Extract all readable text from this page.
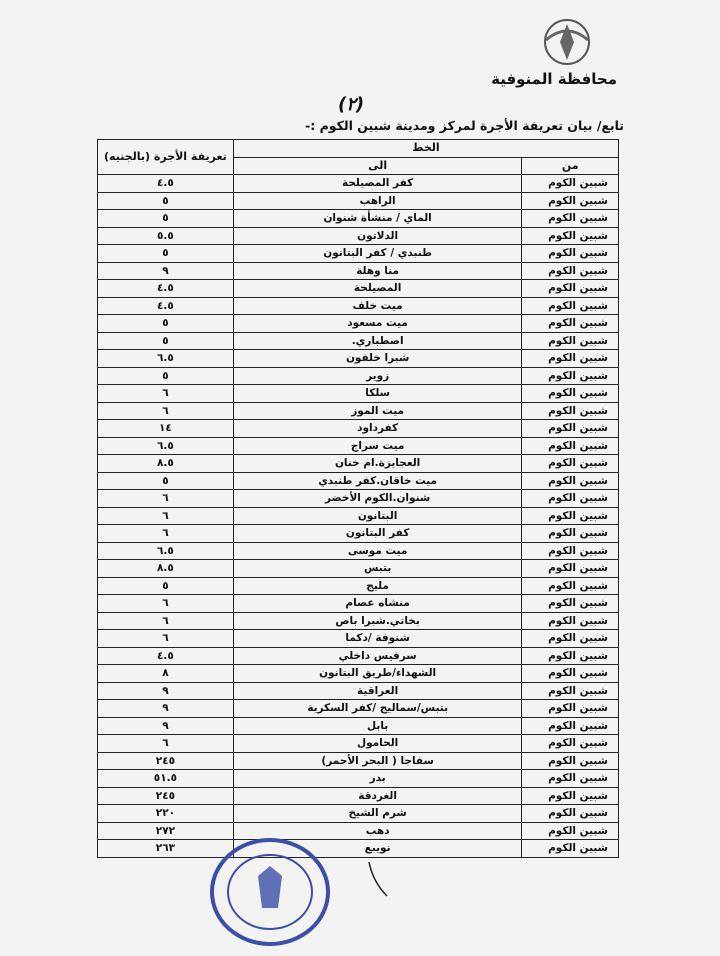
محافظة المنوفية
(٢)
تابع/ بيان تعريفة الأجرة لمركز ومدينة شبين الكوم :-
الخط		تعريفة الأجرة (بالجنيه)
من	الى	
شبين الكوم	كفر المصيلحة	٤.٥
شبين الكوم	الراهب	٥
شبين الكوم	الماي / منشأة شنوان	٥
شبين الكوم	الدلاتون	٥.٥
شبين الكوم	طنبدي / كفر البتانون	٥
شبين الكوم	منا وهلة	٩
شبين الكوم	المصيلحة	٤.٥
شبين الكوم	ميت خلف	٤.٥
شبين الكوم	ميت مسعود	٥
شبين الكوم	اصطباري.	٥
شبين الكوم	شبرا خلفون	٦.٥
شبين الكوم	زوير	٥
شبين الكوم	سلكا	٦
شبين الكوم	ميت الموز	٦
شبين الكوم	كفرداود	١٤
شبين الكوم	ميت سراج	٦.٥
شبين الكوم	العجايزة.ام خنان	٨.٥
شبين الكوم	ميت خاقان.كفر طنبدي	٥
شبين الكوم	شنوان.الكوم الأخضر	٦
شبين الكوم	البتانون	٦
شبين الكوم	كفر البتانون	٦
شبين الكوم	ميت موسى	٦.٥
شبين الكوم	بتبس	٨.٥
شبين الكوم	مليج	٥
شبين الكوم	منشاه عصام	٦
شبين الكوم	بخاتي.شبرا باص	٦
شبين الكوم	شنوفة /دكما	٦
شبين الكوم	سرفيس داخلي	٤.٥
شبين الكوم	الشهداء/طريق البتانون	٨
شبين الكوم	العراقية	٩
شبين الكوم	بتبس/سماليج /كفر السكرية	٩
شبين الكوم	بابل	٩
شبين الكوم	الحامول	٦
شبين الكوم	سفاجا ( البحر الأحمر)	٢٤٥
شبين الكوم	بدر	٥١.٥
شبين الكوم	الغردقة	٢٤٥
شبين الكوم	شرم الشيخ	٢٢٠
شبين الكوم	دهب	٢٧٢
شبين الكوم	نويبع	٢٦٣
